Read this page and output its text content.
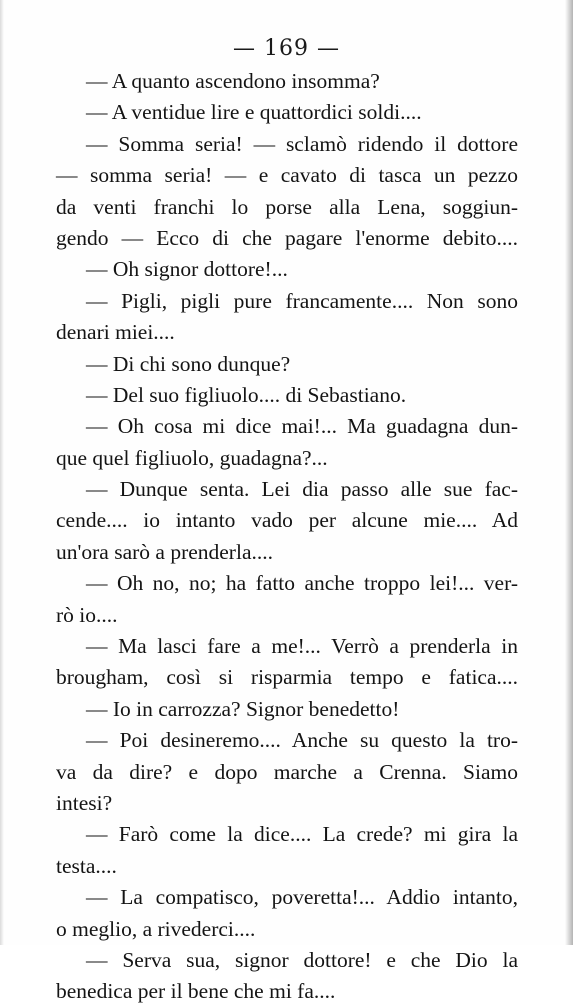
— 169 —
— A quanto ascendono insomma?
— A ventidue lire e quattordici soldi....
— Somma seria! — sclamò ridendo il dottore
— somma seria! — e cavato di tasca un pezzo
da venti franchi lo porse alla Lena, soggiun-
gendo — Ecco di che pagare l'enorme debito....
— Oh signor dottore!...
— Pigli, pigli pure francamente.... Non sono
denari miei....
— Di chi sono dunque?
— Del suo figliuolo.... di Sebastiano.
— Oh cosa mi dice mai!... Ma guadagna dun-
que quel figliuolo, guadagna?...
— Dunque senta. Lei dia passo alle sue fac-
cende.... io intanto vado per alcune mie.... Ad
un'ora sarò a prenderla....
— Oh no, no; ha fatto anche troppo lei!... ver-
rò io....
— Ma lasci fare a me!... Verrò a prenderla in
brougham, così si risparmia tempo e fatica....
— Io in carrozza? Signor benedetto!
— Poi desineremo.... Anche su questo la tro-
va da dire? e dopo marche a Crenna. Siamo
intesi?
— Farò come la dice.... La crede? mi gira la
testa....
— La compatisco, poveretta!... Addio intanto,
o meglio, a rivederci....
— Serva sua, signor dottore! e che Dio la
benedica per il bene che mi fa....
